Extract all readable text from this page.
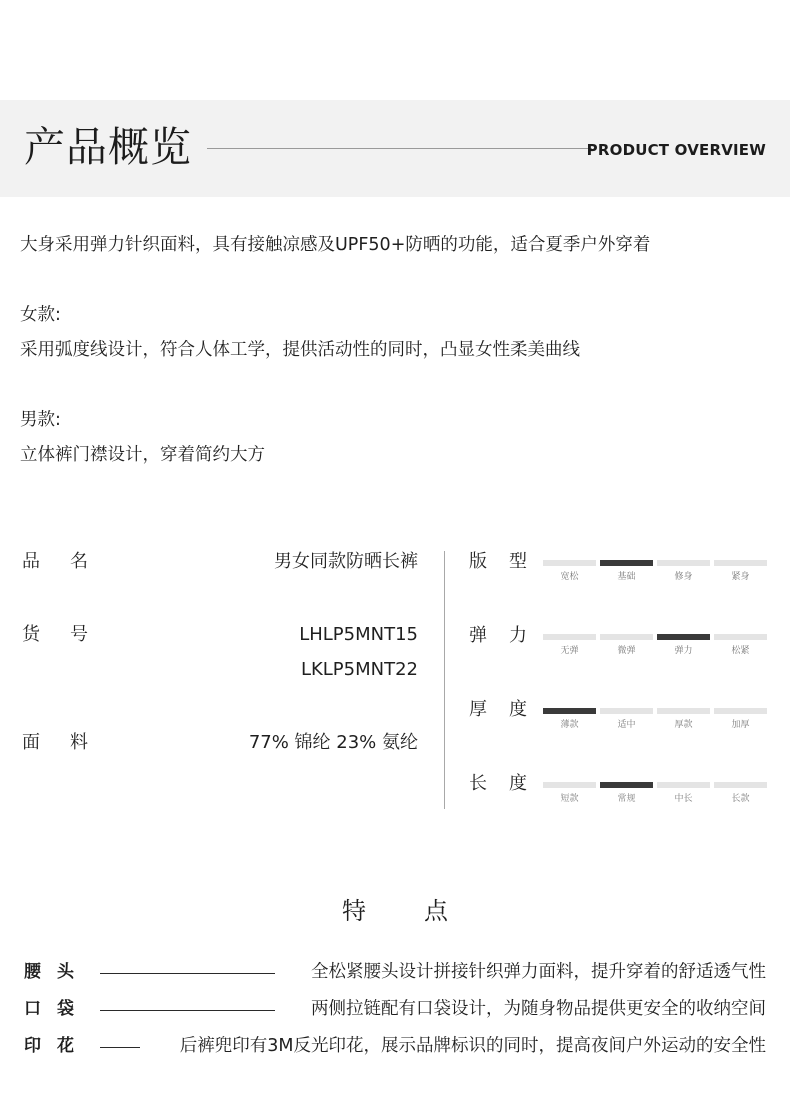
产品概览	PRODUCT OVERVIEW
大身采用弹力针织面料，具有接触凉感及UPF50+防晒的功能，适合夏季户外穿着
女款:
采用弧度线设计，符合人体工学，提供活动性的同时，凸显女性柔美曲线
男款:
立体裤门襟设计，穿着简约大方
品名	男女同款防晒长裤
货号	LHLP5MNT15
LKLP5MNT22
面料	77% 锦纶 23% 氨纶
版型
宽松	基础	修身	紧身
弹力
无弹	微弹	弹力	松紧
厚度
薄款	适中	厚款	加厚
长度
短款	常规	中长	长款
特 点
腰头	全松紧腰头设计拼接针织弹力面料，提升穿着的舒适透气性
口袋	两侧拉链配有口袋设计，为随身物品提供更安全的收纳空间
印花	后裤兜印有3M反光印花，展示品牌标识的同时，提高夜间户外运动的安全性
